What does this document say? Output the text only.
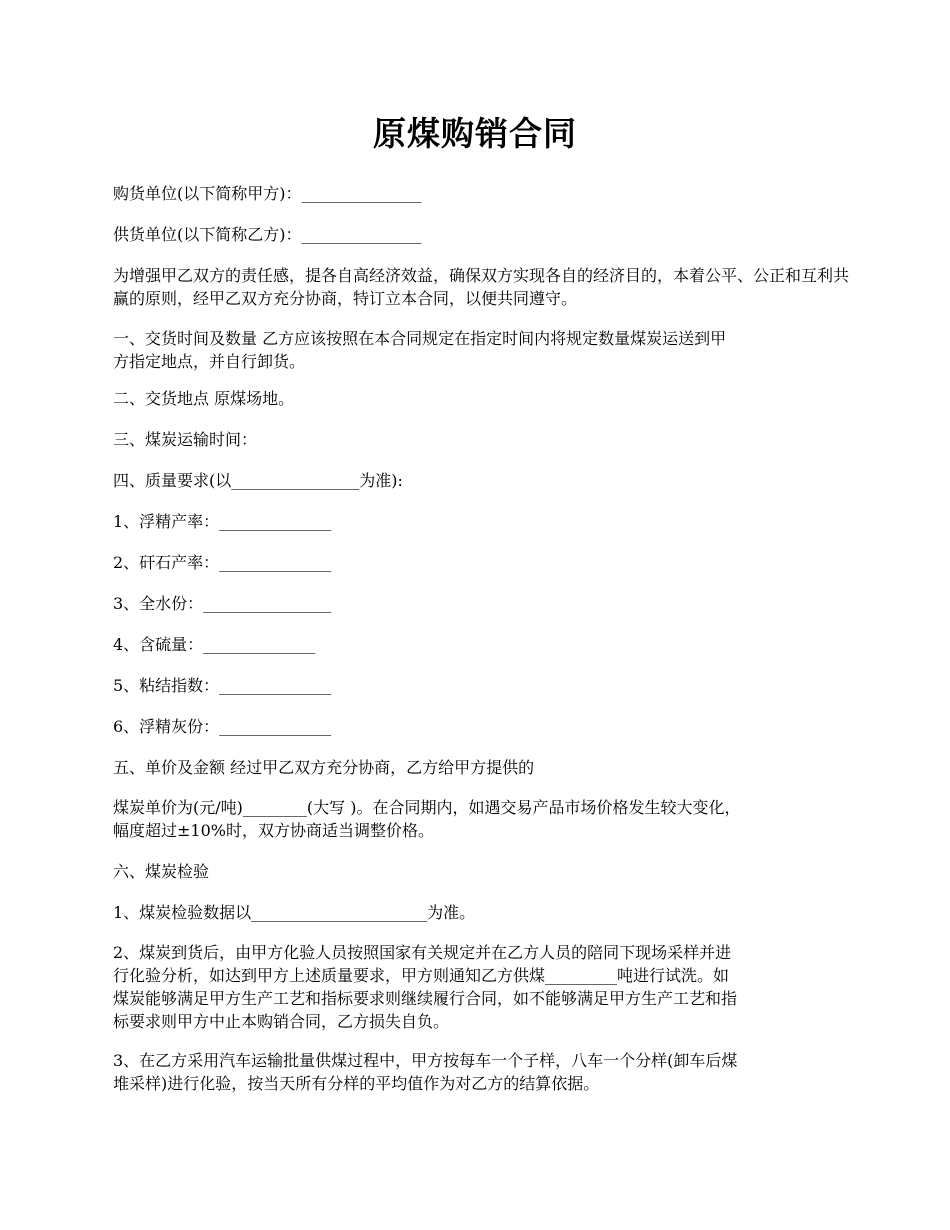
原煤购销合同
购货单位(以下简称甲方)：_______________
供货单位(以下简称乙方)：_______________
为增强甲乙双方的责任感，提各自高经济效益，确保双方实现各自的经济目的，本着公平、公正和互利共赢的原则，经甲乙双方充分协商，特订立本合同，以便共同遵守。
一、交货时间及数量 乙方应该按照在本合同规定在指定时间内将规定数量煤炭运送到甲
方指定地点，并自行卸货。
二、交货地点 原煤场地。
三、煤炭运输时间：
四、质量要求(以________________为准):
1、浮精产率：______________
2、矸石产率：______________
3、全水份：________________
4、含硫量：______________
5、粘结指数：______________
6、浮精灰份：______________
五、单价及金额 经过甲乙双方充分协商，乙方给甲方提供的
煤炭单价为(元/吨)________(大写 )。在合同期内，如遇交易产品市场价格发生较大变化，
幅度超过±10%时，双方协商适当调整价格。
六、煤炭检验
1、煤炭检验数据以______________________为准。
2、煤炭到货后，由甲方化验人员按照国家有关规定并在乙方人员的陪同下现场采样并进
行化验分析，如达到甲方上述质量要求，甲方则通知乙方供煤_________吨进行试洗。如
煤炭能够满足甲方生产工艺和指标要求则继续履行合同，如不能够满足甲方生产工艺和指
标要求则甲方中止本购销合同，乙方损失自负。
3、在乙方采用汽车运输批量供煤过程中，甲方按每车一个子样，八车一个分样(卸车后煤
堆采样)进行化验，按当天所有分样的平均值作为对乙方的结算依据。
